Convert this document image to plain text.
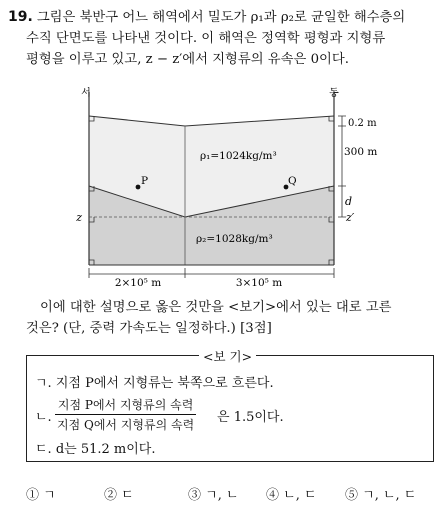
19. 그림은 북반구 어느 해역에서 밀도가 ρ₁과 ρ₂로 균일한 해수층의
수직 단면도를 나타낸 것이다. 이 해역은 정역학 평형과 지형류
평형을 이루고 있고, z − z′에서 지형류의 유속은 0이다.
서	동
0.2 m
300 m
d
ρ₁=1024kg/m³
ρ₂=1028kg/m³
P	Q
z	z′
2×10⁵ m	3×10⁵ m
이에 대한 설명으로 옳은 것만을 <보기>에서 있는 대로 고른
것은? (단, 중력 가속도는 일정하다.) [3점]
<보 기>
ㄱ. 지점 P에서 지형류는 북쪽으로 흐른다.
ㄴ.
지점 P에서 지형류의 속력
지점 Q에서 지형류의 속력 은 1.5이다.
ㄷ. d는 51.2 m이다.
① ㄱ	② ㄷ	③ ㄱ, ㄴ ④ ㄴ, ㄷ ⑤ ㄱ, ㄴ, ㄷ
